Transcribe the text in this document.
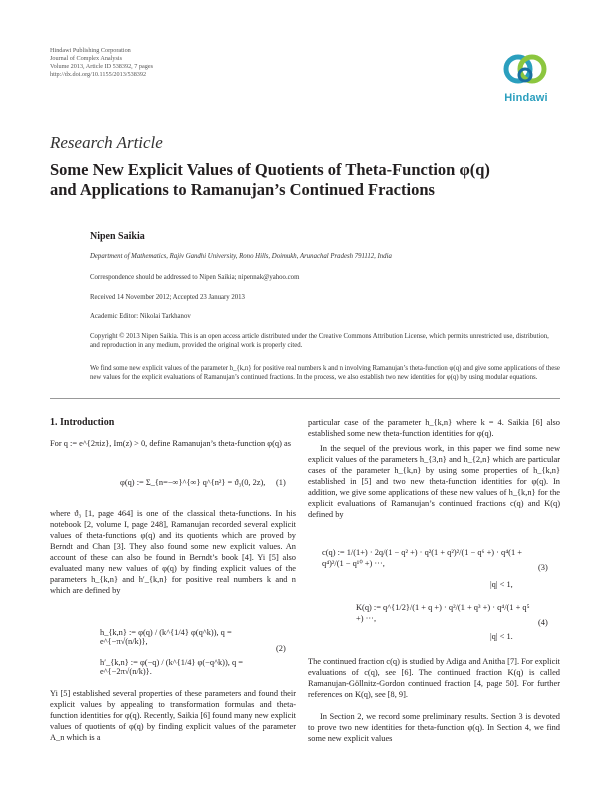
Hindawi Publishing Corporation
Journal of Complex Analysis
Volume 2013, Article ID 538392, 7 pages
http://dx.doi.org/10.1155/2013/538392
Hindawi
Research Article
Some New Explicit Values of Quotients of Theta-Function φ(q)
and Applications to Ramanujan’s Continued Fractions
Nipen Saikia
Department of Mathematics, Rajiv Gandhi University, Rono Hills, Doimukh, Arunachal Pradesh 791112, India
Correspondence should be addressed to Nipen Saikia; nipennak@yahoo.com
Received 14 November 2012; Accepted 23 January 2013
Academic Editor: Nikolai Tarkhanov
Copyright © 2013 Nipen Saikia. This is an open access article distributed under the Creative Commons Attribution License, which permits unrestricted use, distribution, and reproduction in any medium, provided the original work is properly cited.
We find some new explicit values of the parameter h_{k,n} for positive real numbers k and n involving Ramanujan’s theta-function φ(q) and give some applications of these new values for the explicit evaluations of Ramanujan’s continued fractions. In the process, we also establish two new identities for φ(q) by using modular equations.
1. Introduction
For q := e^{2πiz}, Im(z) > 0, define Ramanujan’s theta-function φ(q) as
φ(q) := Σ_{n=−∞}^{∞} q^{n²} = ϑ₃(0, 2z),	(1)
where ϑ₃ [1, page 464] is one of the classical theta-functions. In his notebook [2, volume I, page 248], Ramanujan recorded several explicit values of theta-functions φ(q) and its quotients which are proved by Berndt and Chan [3]. They also found some new explicit values. An account of these can also be found in Berndt’s book [4]. Yi [5] also evaluated many new values of φ(q) by finding explicit values of the parameters h_{k,n} and h′_{k,n} for positive real numbers k and n which are defined by
h_{k,n} := φ(q) / (k^{1/4} φ(q^k)), q = e^{−π√(n/k)},
h′_{k,n} := φ(−q) / (k^{1/4} φ(−q^k)), q = e^{−2π√(n/k)}.
(2)
Yi [5] established several properties of these parameters and found their explicit values by appealing to transformation formulas and theta-function identities for φ(q). Recently, Saikia [6] found many new explicit values of quotients of φ(q) by finding explicit values of the parameter A_n which is a
particular case of the parameter h_{k,n} where k = 4. Saikia [6] also established some new theta-function identities for φ(q).
In the sequel of the previous work, in this paper we find some new explicit values of the parameters h_{3,n} and h_{2,n} which are particular cases of the parameter h_{k,n} by using some properties of h_{k,n} established in [5] and two new theta-function identities for φ(q). In addition, we give some applications of these new values of h_{k,n} for the explicit evaluations of Ramanujan’s continued fractions c(q) and K(q) defined by
c(q) := 1/(1+) · 2q/(1 − q² +) · q²(1 + q²)²/(1 − q⁶ +) · q⁴(1 + q⁴)²/(1 − q¹⁰ +) ···,
|q| < 1,
(3)
K(q) := q^{1/2}/(1 + q +) · q²/(1 + q³ +) · q⁴/(1 + q⁵ +) ···,
|q| < 1.
(4)
The continued fraction c(q) is studied by Adiga and Anitha [7]. For explicit evaluations of c(q), see [6]. The continued fraction K(q) is called Ramanujan-Göllnitz-Gordon continued fraction [4, page 50]. For further references on K(q), see [8, 9].
In Section 2, we record some preliminary results. Section 3 is devoted to prove two new identities for theta-function φ(q). In Section 4, we find some new explicit values
